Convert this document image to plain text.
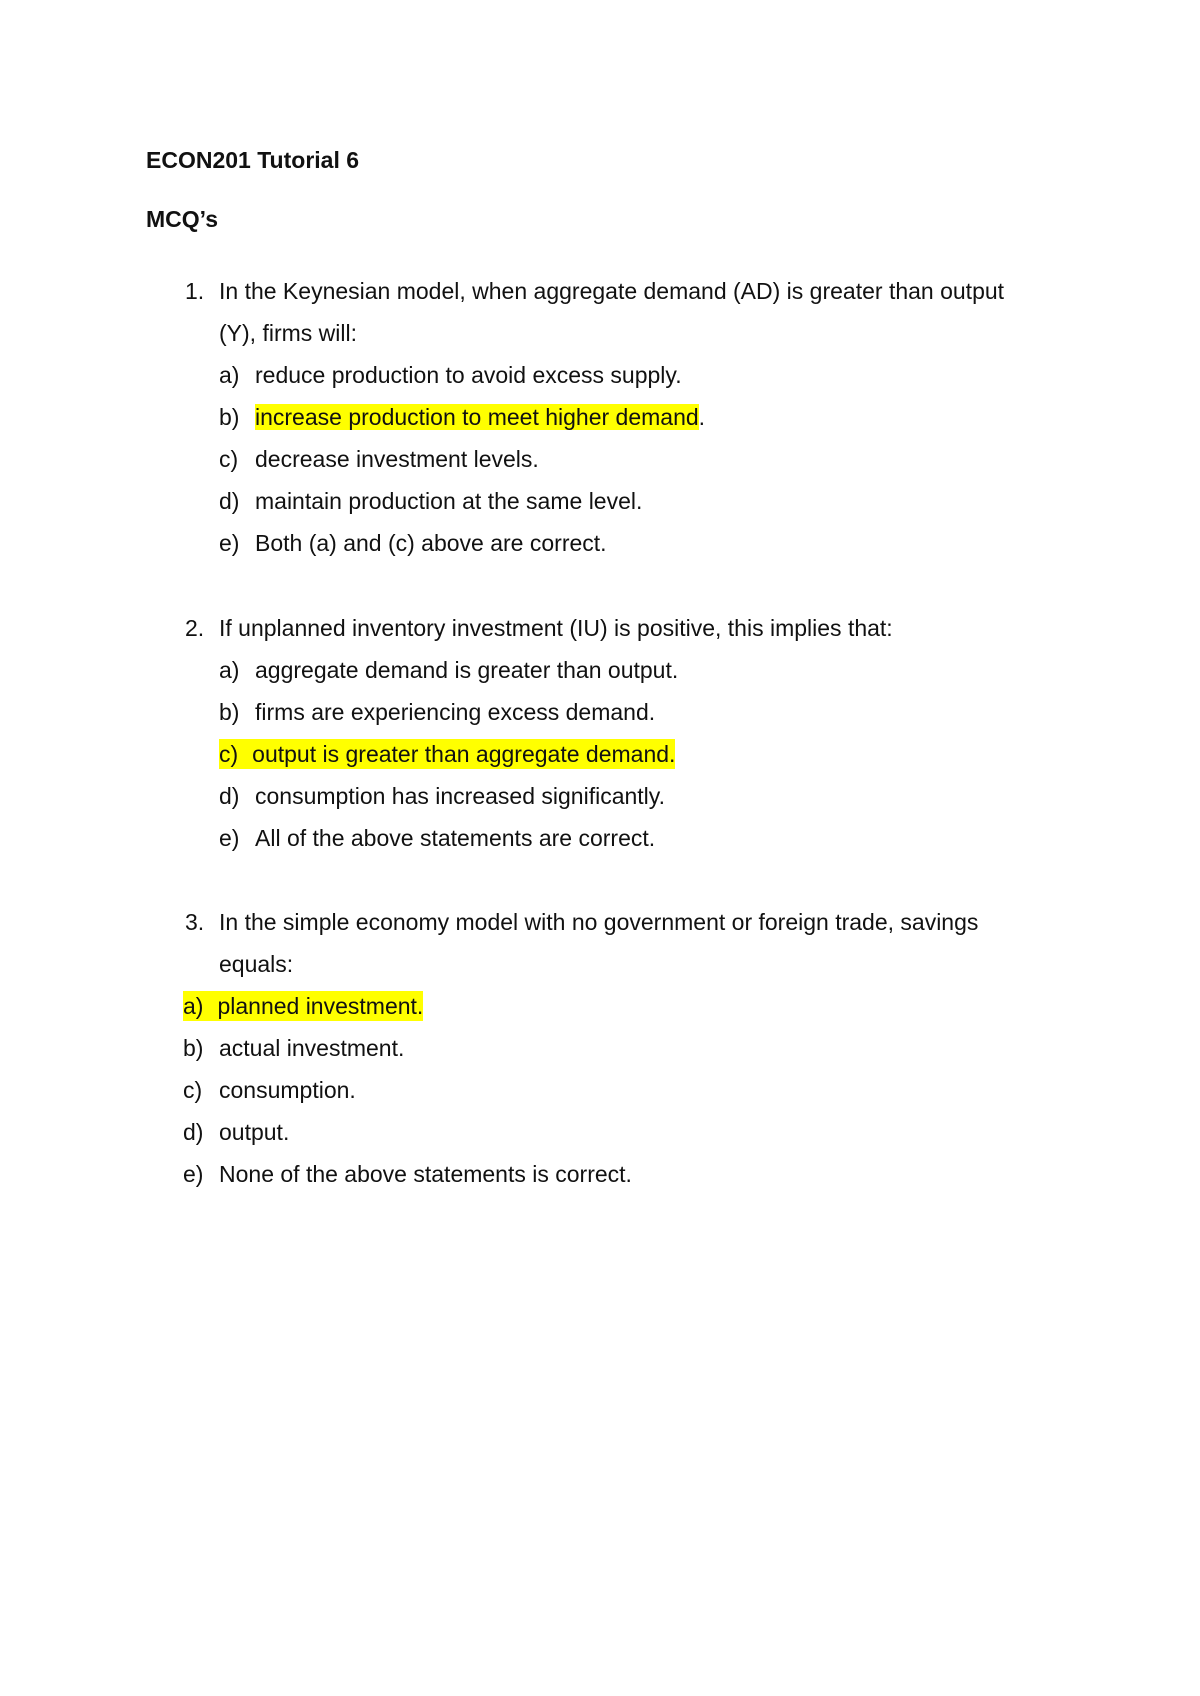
ECON201 Tutorial 6
MCQ’s
1. In the Keynesian model, when aggregate demand (AD) is greater than output
(Y), firms will:
a) reduce production to avoid excess supply.
b) increase production to meet higher demand.
c) decrease investment levels.
d) maintain production at the same level.
e) Both (a) and (c) above are correct.
2. If unplanned inventory investment (IU) is positive, this implies that:
a) aggregate demand is greater than output.
b) firms are experiencing excess demand.
c) output is greater than aggregate demand.
d) consumption has increased significantly.
e) All of the above statements are correct.
3. In the simple economy model with no government or foreign trade, savings
equals:
a) planned investment.
b) actual investment.
c) consumption.
d) output.
e) None of the above statements is correct.
